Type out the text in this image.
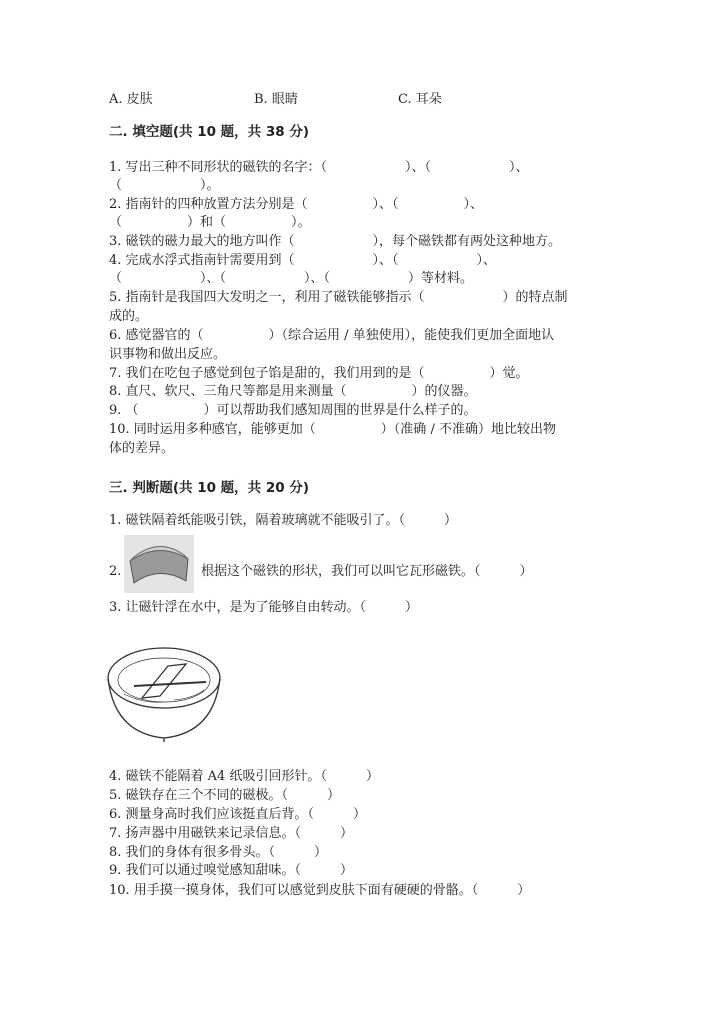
A. 皮肤	B. 眼睛	C. 耳朵
二. 填空题(共 10 题，共 38 分)
1. 写出三种不同形状的磁铁的名字：（　　　　　　）、（　　　　　　）、
（　　　　　　）。
2. 指南针的四种放置方法分别是（　　　　　）、（　　　　　）、
（　　　　　）和（　　　　　）。
3. 磁铁的磁力最大的地方叫作（　　　　　　），每个磁铁都有两处这种地方。
4. 完成水浮式指南针需要用到（　　　　　　）、（　　　　　　）、
（　　　　　　）、（　　　　　　）、（　　　　　　）等材料。
5. 指南针是我国四大发明之一，利用了磁铁能够指示（　　　　　　）的特点制
成的。
6. 感觉器官的（　　　　　）（综合运用 / 单独使用），能使我们更加全面地认
识事物和做出反应。
7. 我们在吃包子感觉到包子馅是甜的，我们用到的是（　　　　　）觉。
8. 直尺、软尺、三角尺等都是用来测量（　　　　　）的仪器。
9. （　　　　　）可以帮助我们感知周围的世界是什么样子的。
10. 同时运用多种感官，能够更加（　　　　　）（准确 / 不准确）地比较出物
体的差异。
三. 判断题(共 10 题，共 20 分)
1. 磁铁隔着纸能吸引铁，隔着玻璃就不能吸引了。（　　　）
2.	根据这个磁铁的形状，我们可以叫它瓦形磁铁。（　　　）
3. 让磁针浮在水中，是为了能够自由转动。（　　　）
4. 磁铁不能隔着 A4 纸吸引回形针。（　　　）
5. 磁铁存在三个不同的磁极。（　　　）
6. 测量身高时我们应该挺直后背。（　　　）
7. 扬声器中用磁铁来记录信息。（　　　）
8. 我们的身体有很多骨头。（　　　）
9. 我们可以通过嗅觉感知甜味。（　　　）
10. 用手摸一摸身体，我们可以感觉到皮肤下面有硬硬的骨骼。（　　　）
